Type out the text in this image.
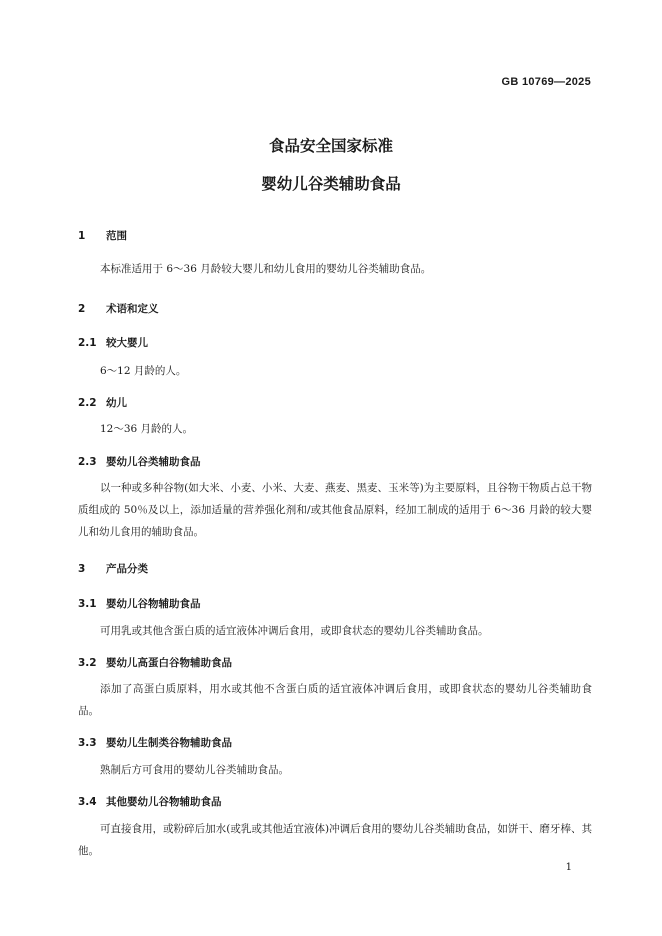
GB 10769—2025
食品安全国家标准
婴幼儿谷类辅助食品
1 范围
本标准适用于 6～36 月龄较大婴儿和幼儿食用的婴幼儿谷类辅助食品。
2 术语和定义
2.1 较大婴儿
6～12 月龄的人。
2.2 幼儿
12～36 月龄的人。
2.3 婴幼儿谷类辅助食品
以一种或多种谷物(如大米、小麦、小米、大麦、燕麦、黑麦、玉米等)为主要原料，且谷物干物质占总干物质组成的 50％及以上，添加适量的营养强化剂和/或其他食品原料，经加工制成的适用于 6～36 月龄的较大婴儿和幼儿食用的辅助食品。
3 产品分类
3.1 婴幼儿谷物辅助食品
可用乳或其他含蛋白质的适宜液体冲调后食用，或即食状态的婴幼儿谷类辅助食品。
3.2 婴幼儿高蛋白谷物辅助食品
添加了高蛋白质原料，用水或其他不含蛋白质的适宜液体冲调后食用，或即食状态的婴幼儿谷类辅助食品。
3.3 婴幼儿生制类谷物辅助食品
熟制后方可食用的婴幼儿谷类辅助食品。
3.4 其他婴幼儿谷物辅助食品
可直接食用，或粉碎后加水(或乳或其他适宜液体)冲调后食用的婴幼儿谷类辅助食品，如饼干、磨牙棒、其他。
1
